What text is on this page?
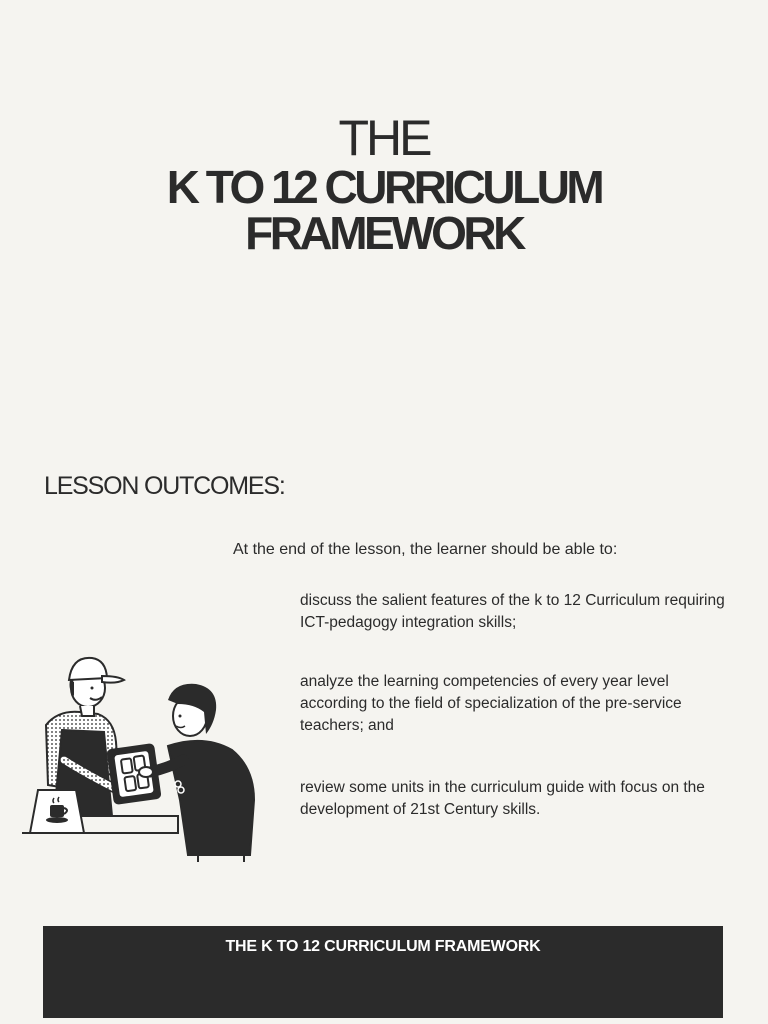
THE
K TO 12 CURRICULUM
FRAMEWORK
LESSON OUTCOMES:
At the end of the lesson, the learner should be able to:
discuss the salient features of the k to 12 Curriculum requiring ICT-pedagogy integration skills;
analyze the learning competencies of every year level according to the field of specialization of the pre-service teachers; and
review some units in the curriculum guide with focus on the development of 21st Century skills.
THE K TO 12 CURRICULUM FRAMEWORK
